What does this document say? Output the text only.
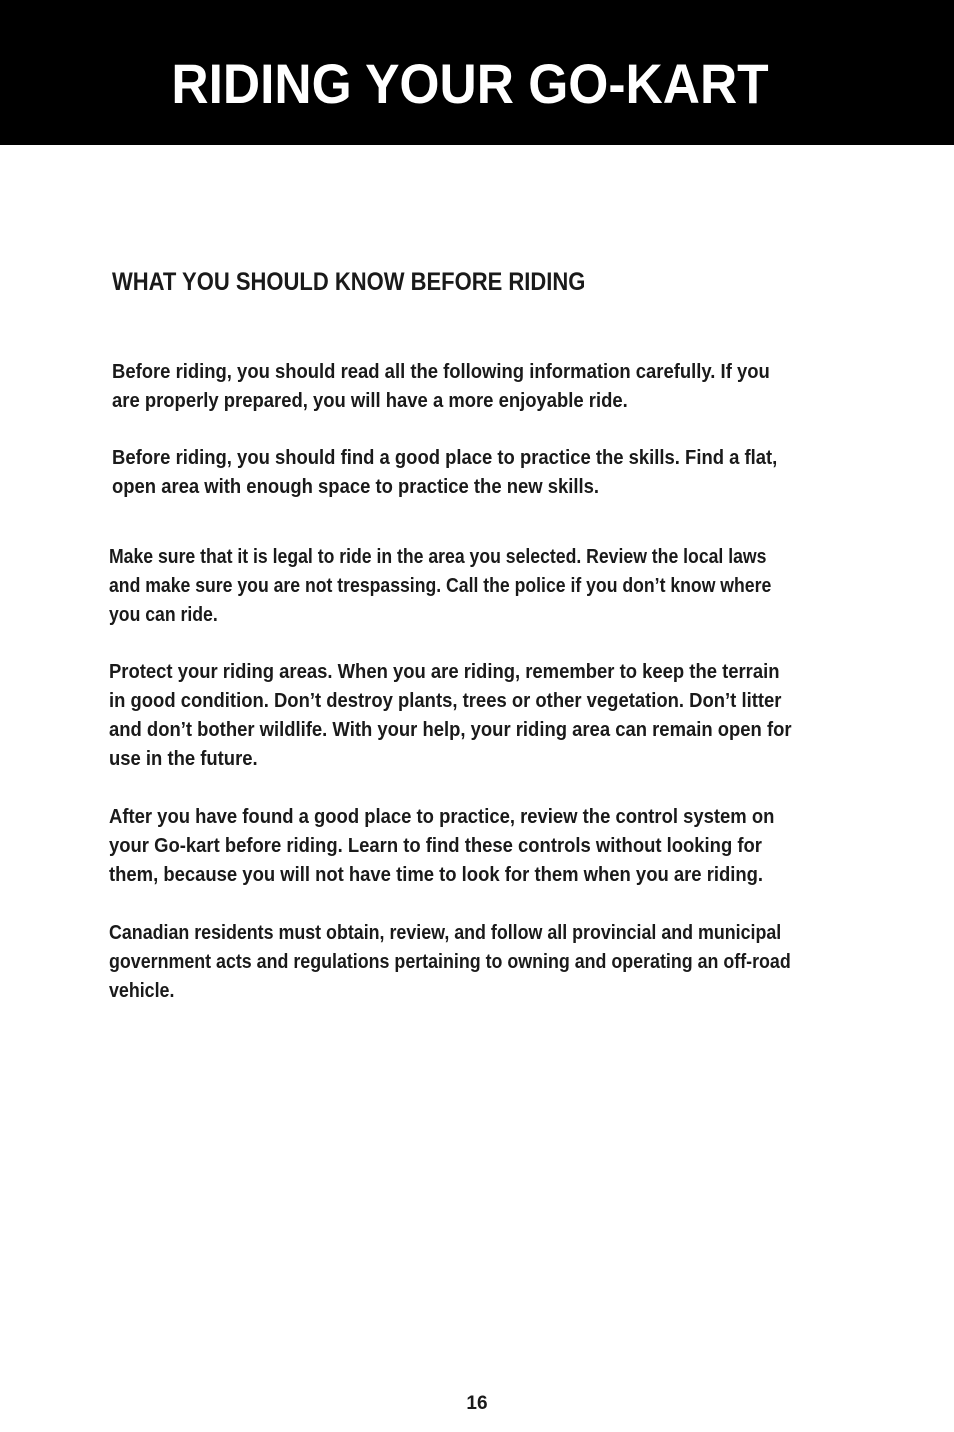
RIDING YOUR GO-KART
WHAT YOU SHOULD KNOW BEFORE RIDING
Before riding, you should read all the following information carefully. If you
are properly prepared, you will have a more enjoyable ride.
Before riding, you should find a good place to practice the skills. Find a flat,
open area with enough space to practice the new skills.
Make sure that it is legal to ride in the area you selected. Review the local laws
and make sure you are not trespassing. Call the police if you don’t know where
you can ride.
Protect your riding areas. When you are riding, remember to keep the terrain
in good condition. Don’t destroy plants, trees or other vegetation. Don’t litter
and don’t bother wildlife. With your help, your riding area can remain open for
use in the future.
After you have found a good place to practice, review the control system on
your Go-kart before riding. Learn to find these controls without looking for
them, because you will not have time to look for them when you are riding.
Canadian residents must obtain, review, and follow all provincial and municipal
government acts and regulations pertaining to owning and operating an off-road
vehicle.
16
